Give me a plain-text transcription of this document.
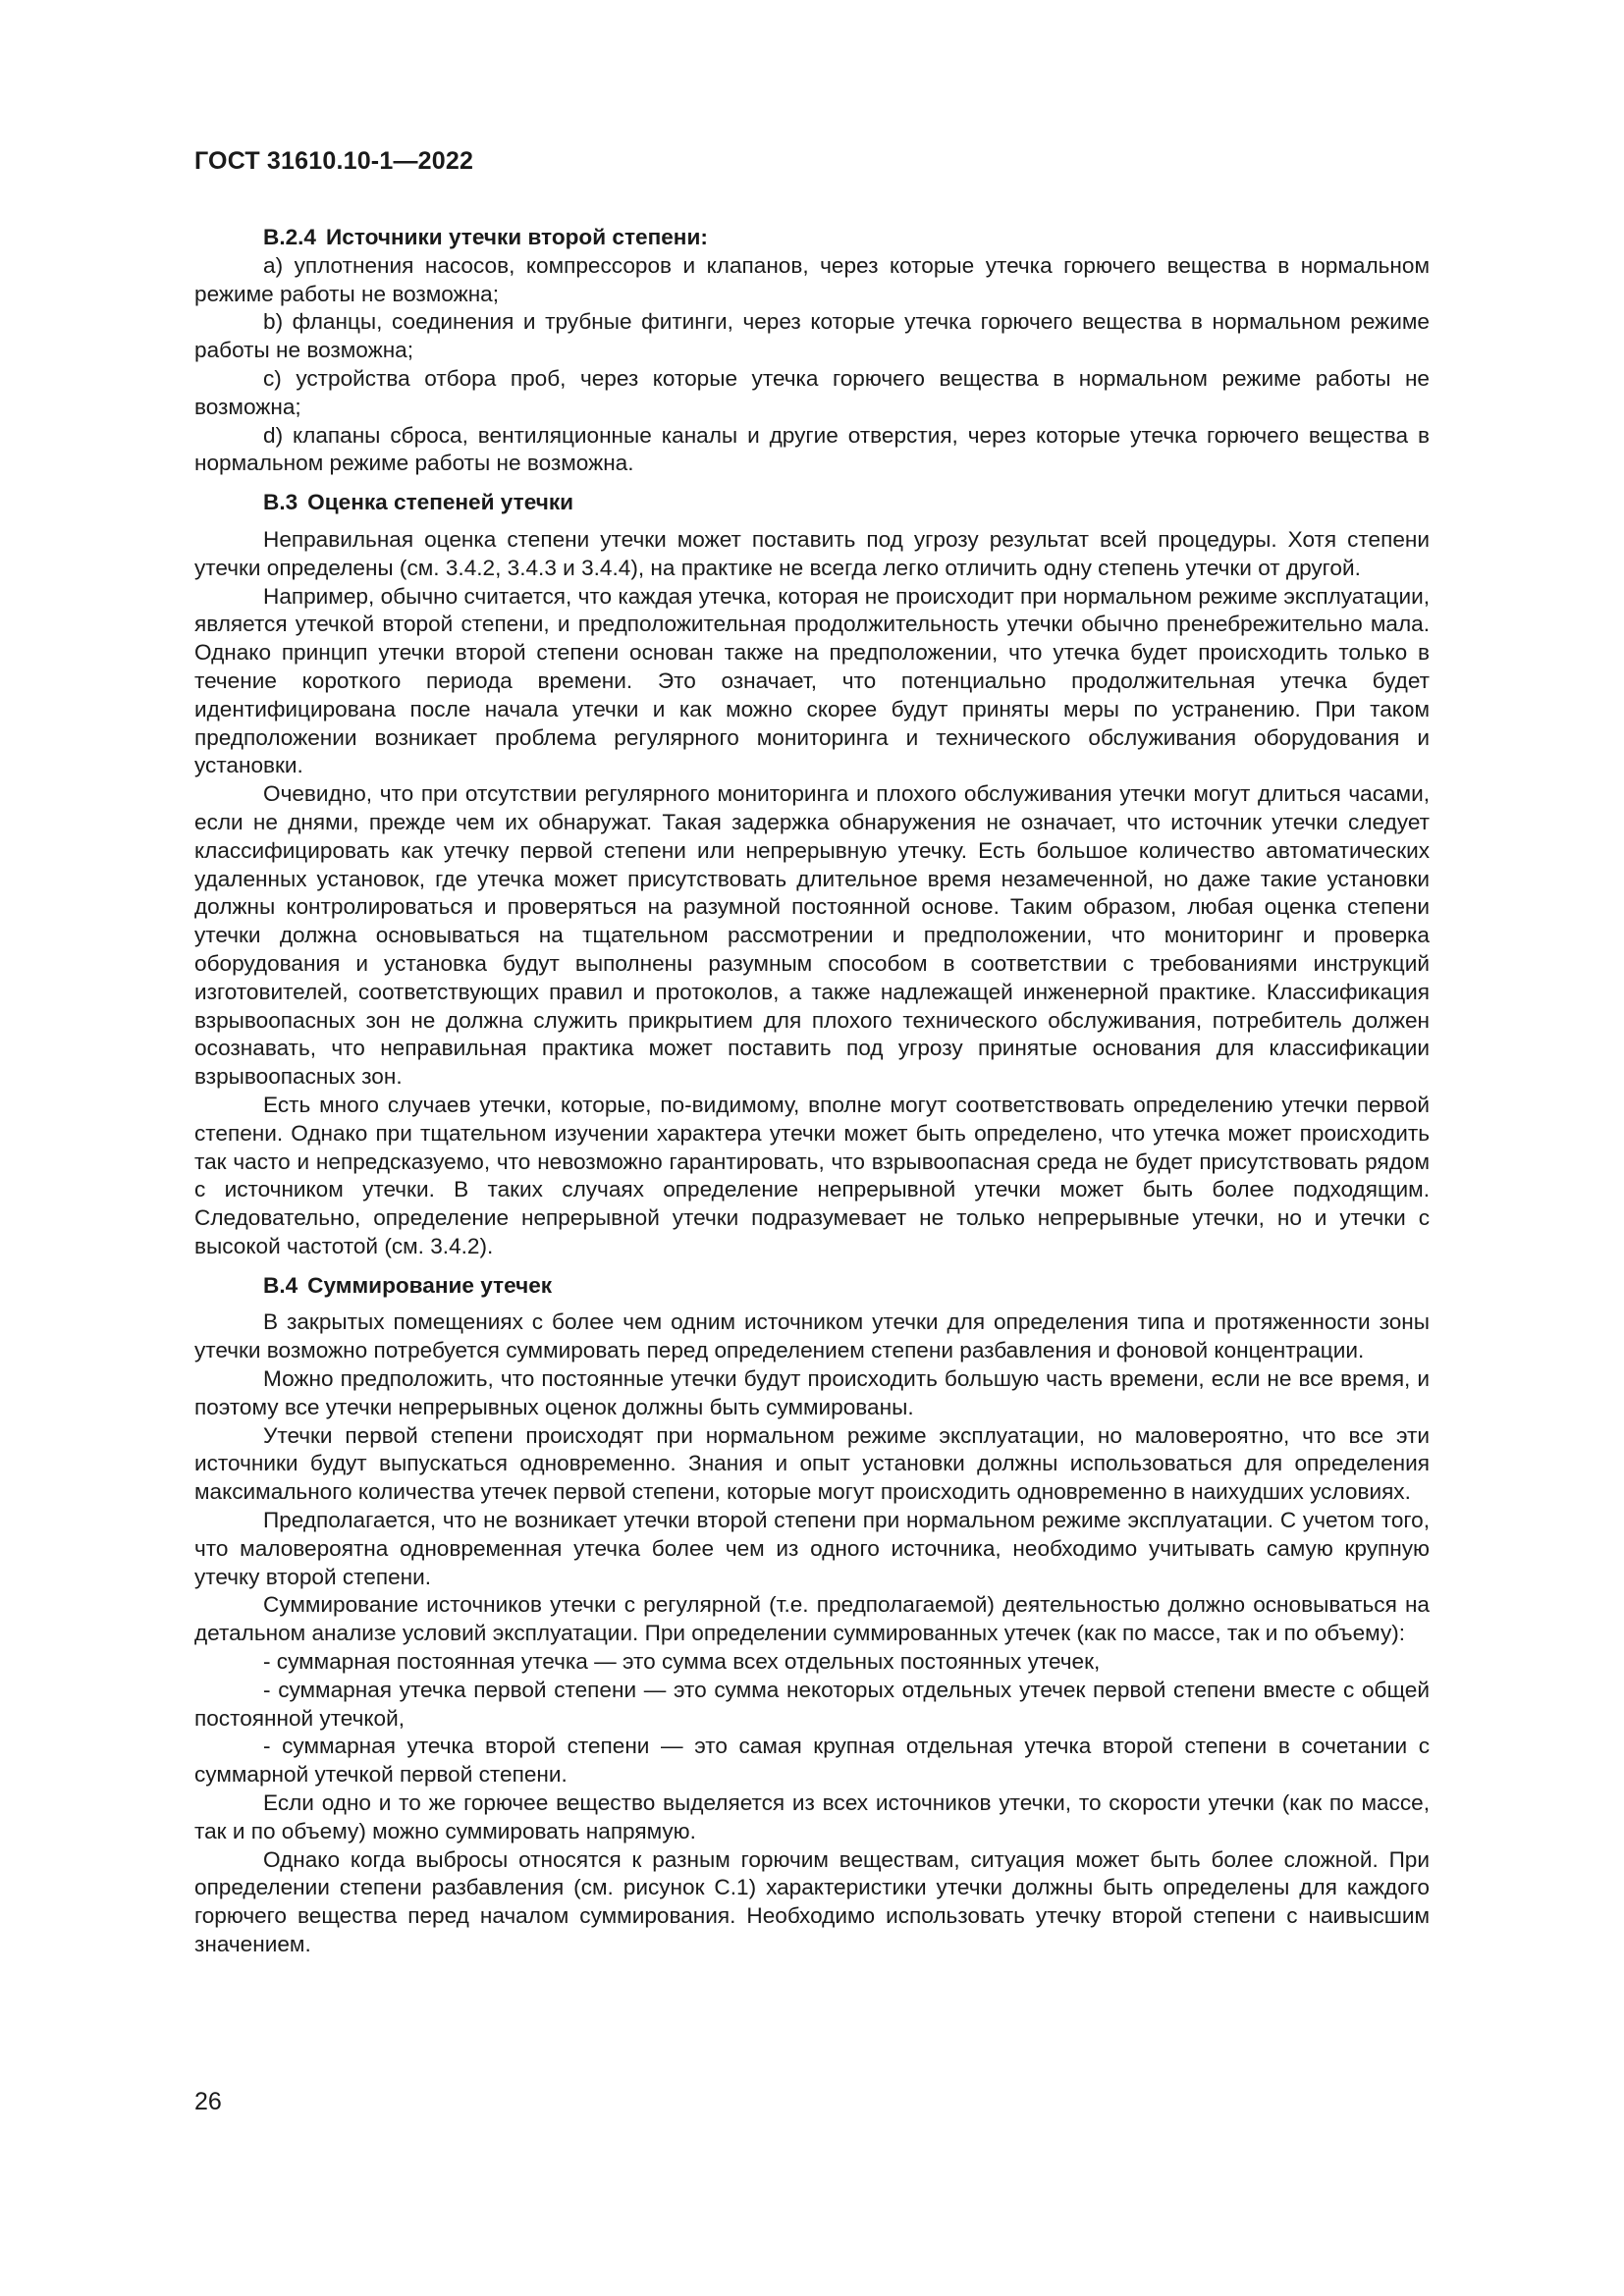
ГОСТ 31610.10-1—2022
В.2.4 Источники утечки второй степени:

а) уплотнения насосов, компрессоров и клапанов, через которые утечка горючего вещества в нормальном режиме работы не возможна;

b) фланцы, соединения и трубные фитинги, через которые утечка горючего вещества в нормальном режиме работы не возможна;

c) устройства отбора проб, через которые утечка горючего вещества в нормальном режиме работы не возможна;

d) клапаны сброса, вентиляционные каналы и другие отверстия, через которые утечка горючего вещества в нормальном режиме работы не возможна.

В.3 Оценка степеней утечки

Неправильная оценка степени утечки может поставить под угрозу результат всей процедуры. Хотя степени утечки определены (см. 3.4.2, 3.4.3 и 3.4.4), на практике не всегда легко отличить одну степень утечки от другой.

Например, обычно считается, что каждая утечка, которая не происходит при нормальном режиме эксплуатации, является утечкой второй степени, и предположительная продолжительность утечки обычно пренебрежительно мала. Однако принцип утечки второй степени основан также на предположении, что утечка будет происходить только в течение короткого периода времени. Это означает, что потенциально продолжительная утечка будет идентифицирована после начала утечки и как можно скорее будут приняты меры по устранению. При таком предположении возникает проблема регулярного мониторинга и технического обслуживания оборудования и установки.

Очевидно, что при отсутствии регулярного мониторинга и плохого обслуживания утечки могут длиться часами, если не днями, прежде чем их обнаружат. Такая задержка обнаружения не означает, что источник утечки следует классифицировать как утечку первой степени или непрерывную утечку. Есть большое количество автоматических удаленных установок, где утечка может присутствовать длительное время незамеченной, но даже такие установки должны контролироваться и проверяться на разумной постоянной основе. Таким образом, любая оценка степени утечки должна основываться на тщательном рассмотрении и предположении, что мониторинг и проверка оборудования и установка будут выполнены разумным способом в соответствии с требованиями инструкций изготовителей, соответствующих правил и протоколов, а также надлежащей инженерной практике. Классификация взрывоопасных зон не должна служить прикрытием для плохого технического обслуживания, потребитель должен осознавать, что неправильная практика может поставить под угрозу принятые основания для классификации взрывоопасных зон.

Есть много случаев утечки, которые, по-видимому, вполне могут соответствовать определению утечки первой степени. Однако при тщательном изучении характера утечки может быть определено, что утечка может происходить так часто и непредсказуемо, что невозможно гарантировать, что взрывоопасная среда не будет присутствовать рядом с источником утечки. В таких случаях определение непрерывной утечки может быть более подходящим. Следовательно, определение непрерывной утечки подразумевает не только непрерывные утечки, но и утечки с высокой частотой (см. 3.4.2).

В.4 Суммирование утечек

В закрытых помещениях с более чем одним источником утечки для определения типа и протяженности зоны утечки возможно потребуется суммировать перед определением степени разбавления и фоновой концентрации.

Можно предположить, что постоянные утечки будут происходить большую часть времени, если не все время, и поэтому все утечки непрерывных оценок должны быть суммированы.

Утечки первой степени происходят при нормальном режиме эксплуатации, но маловероятно, что все эти источники будут выпускаться одновременно. Знания и опыт установки должны использоваться для определения максимального количества утечек первой степени, которые могут происходить одновременно в наихудших условиях.

Предполагается, что не возникает утечки второй степени при нормальном режиме эксплуатации. С учетом того, что маловероятна одновременная утечка более чем из одного источника, необходимо учитывать самую крупную утечку второй степени.

Суммирование источников утечки с регулярной (т.е. предполагаемой) деятельностью должно основываться на детальном анализе условий эксплуатации. При определении суммированных утечек (как по массе, так и по объему):

- суммарная постоянная утечка — это сумма всех отдельных постоянных утечек,

- суммарная утечка первой степени — это сумма некоторых отдельных утечек первой степени вместе с общей постоянной утечкой,

- суммарная утечка второй степени — это самая крупная отдельная утечка второй степени в сочетании с суммарной утечкой первой степени.

Если одно и то же горючее вещество выделяется из всех источников утечки, то скорости утечки (как по массе, так и по объему) можно суммировать напрямую.

Однако когда выбросы относятся к разным горючим веществам, ситуация может быть более сложной. При определении степени разбавления (см. рисунок С.1) характеристики утечки должны быть определены для каждого горючего вещества перед началом суммирования. Необходимо использовать утечку второй степени с наивысшим значением.

26
